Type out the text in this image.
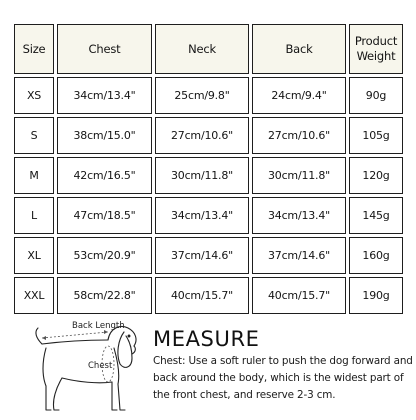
Size	Chest	Neck	Back	Product
Weight
XS	34cm/13.4"	25cm/9.8"	24cm/9.4"	90g
S	38cm/15.0"	27cm/10.6"	27cm/10.6"	105g
M	42cm/16.5"	30cm/11.8"	30cm/11.8"	120g
L	47cm/18.5"	34cm/13.4"	34cm/13.4"	145g
XL	53cm/20.9"	37cm/14.6"	37cm/14.6"	160g
XXL	58cm/22.8"	40cm/15.7"	40cm/15.7"	190g
Back Length
Chest
MEASURE
Chest: Use a soft ruler to push the dog forward and back around the body, which is the widest part of the front chest, and reserve 2-3 cm.
